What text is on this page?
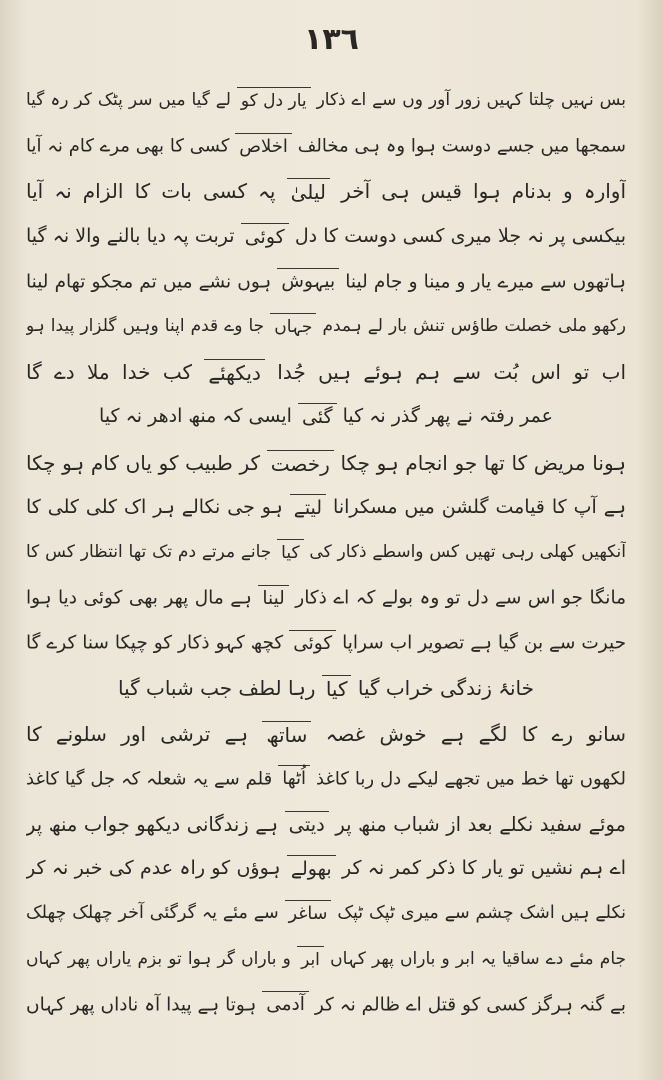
١٣٦
بس نہیں چلتا کہیں زور آور وں سے اے ذکار یار دل کو لے گیا میں سر پٹک کر رہ گیا
سمجھا میں جسے دوست ہوا وہ ہی مخالف اخلاص کسی کا بھی مرے کام نہ آیا
آوارہ و بدنام ہوا قیس ہی آخر لیلیٰ پہ کسی بات کا الزام نہ آیا
بیکسی پر نہ جلا میری کسی دوست کا دل کوئی تربت پہ دیا بالنے والا نہ گیا
ہاتھوں سے میرے یار و مینا و جام لینا بیہوش ہوں نشے میں تم مجکو تھام لینا
رکھو ملی خصلت طاؤس تنش بار لے ہمدم جہاں جا وے قدم اپنا وہیں گلزار پیدا ہو
اب تو اس بُت سے ہم ہوئے ہیں جُدا دیکھئے کب خدا ملا دے گا
عمر رفتہ نے پھر گذر نہ کیا گئی ایسی کہ منھ ادھر نہ کیا
ہونا مریض کا تھا جو انجام ہو چکا رخصت کر طبیب کو یاں کام ہو چکا
ہے آپ کا قیامت گلشن میں مسکرانا لیتے ہو جی نکالے ہر اک کلی کلی کا
آنکھیں کھلی رہی تھیں کس واسطے ذکار کی کیا جانے مرتے دم تک تھا انتظار کس کا
مانگا جو اس سے دل تو وہ بولے کہ اے ذکار لینا ہے مال پھر بھی کوئی دیا ہوا
حیرت سے بن گیا ہے تصویر اب سراپا کوئی کچھ کہو ذکار کو چپکا سنا کرے گا
خانۂ زندگی خراب گیا کیا رہا لطف جب شباب گیا
سانو رے کا لگے ہے خوش غصہ ساتھ ہے ترشی اور سلونے کا
لکھوں تھا خط میں تجھے لیکے دل ربا کاغذ اُٹھا قلم سے یہ شعلہ کہ جل گیا کاغذ
موئے سفید نکلے بعد از شباب منھ پر دیتی ہے زندگانی دیکھو جواب منھ پر
اے ہم نشیں تو یار کا ذکر کمر نہ کر بھولے ہوؤں کو راہ عدم کی خبر نہ کر
نکلے ہیں اشک چشم سے میری ٹپک ٹپک ساغر سے مئے یہ گرگئی آخر چھلک چھلک
جام مئے دے ساقیا یہ ابر و باراں پھر کہاں ابر و باراں گر ہوا تو بزم یاراں پھر کہاں
بے گنہ ہرگز کسی کو قتل اے ظالم نہ کر آدمی ہوتا ہے پیدا آہ ناداں پھر کہاں
